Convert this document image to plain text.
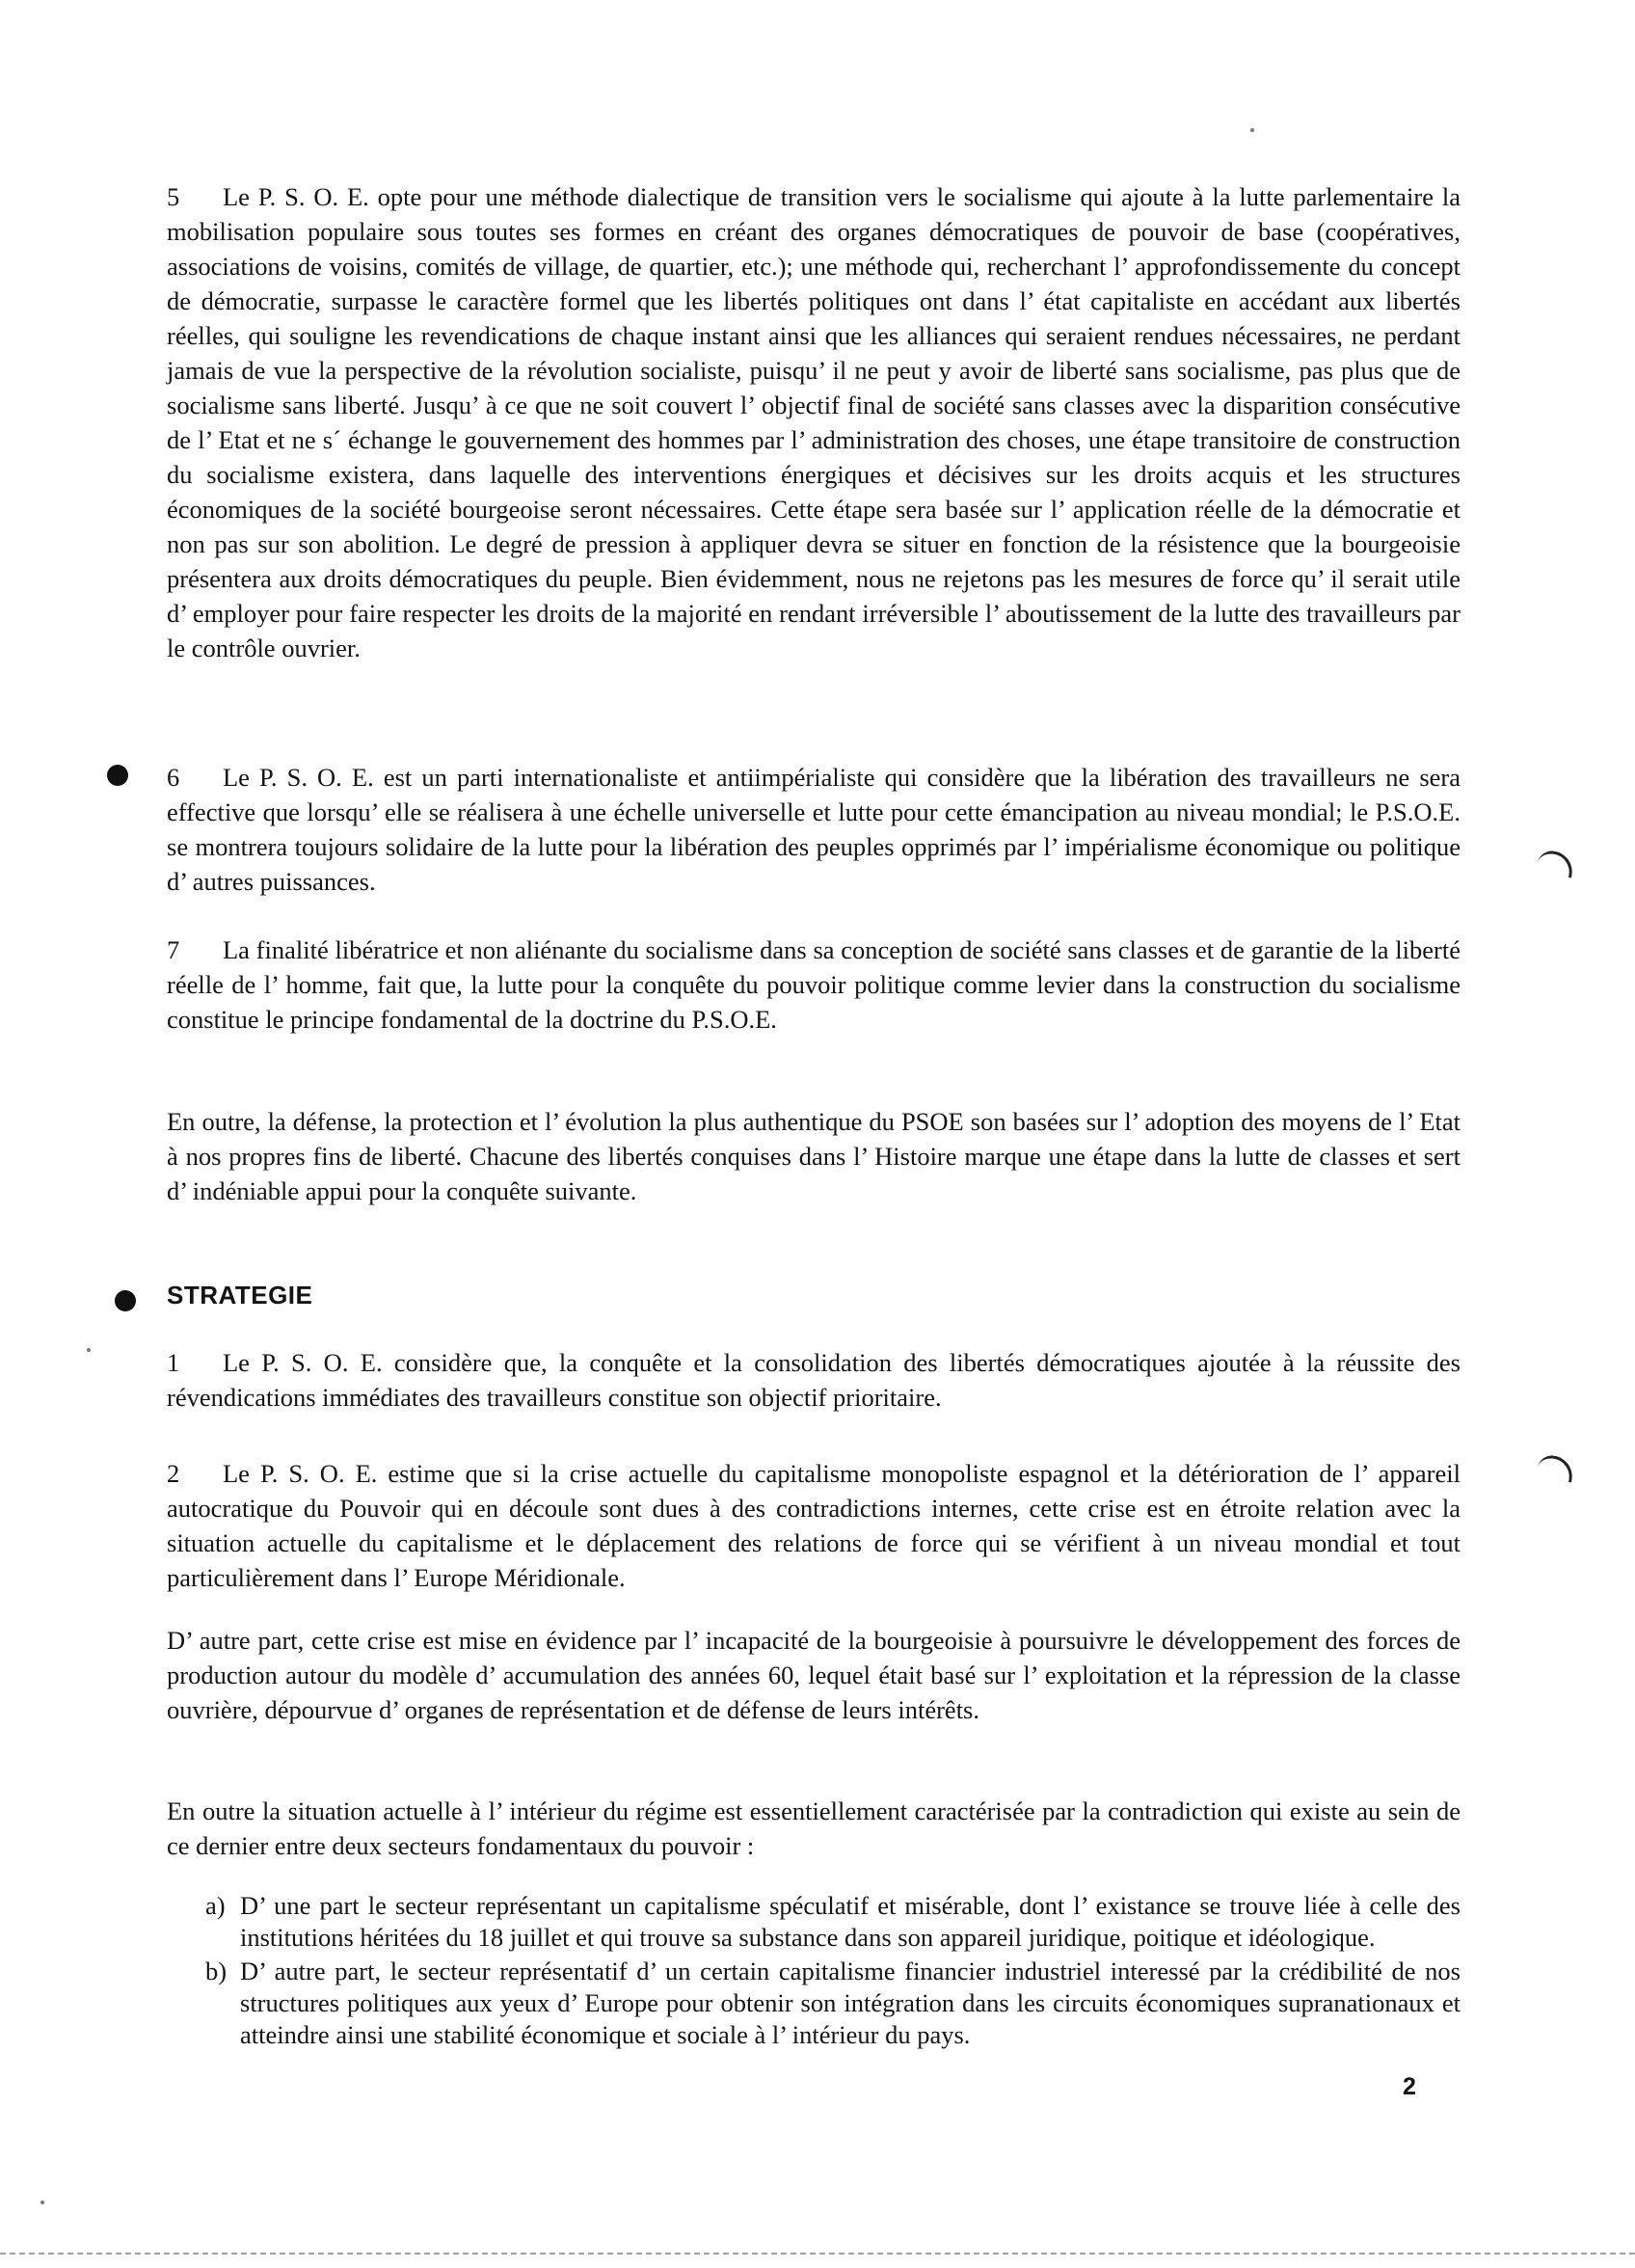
5 Le P. S. O. E. opte pour une méthode dialectique de transition vers le socialisme qui ajoute à la lutte parlementaire la mobilisation populaire sous toutes ses formes en créant des organes démocratiques de pouvoir de base (coopératives, associations de voisins, comités de village, de quartier, etc.); une méthode qui, recherchant l’ approfondissemente du concept de démocratie, surpasse le caractère formel que les libertés politiques ont dans l’ état capitaliste en accédant aux libertés réelles, qui souligne les revendications de chaque instant ainsi que les alliances qui seraient rendues nécessaires, ne perdant jamais de vue la perspective de la révolution socialiste, puisqu’ il ne peut y avoir de liberté sans socialisme, pas plus que de socialisme sans liberté. Jusqu’ à ce que ne soit couvert l’ objectif final de société sans classes avec la disparition consécutive de l’ Etat et ne s´ échange le gouvernement des hommes par l’ administration des choses, une étape transitoire de construction du socialisme existera, dans laquelle des interventions énergiques et décisives sur les droits acquis et les structures économiques de la société bourgeoise seront nécessaires. Cette étape sera basée sur l’ application réelle de la démocratie et non pas sur son abolition. Le degré de pression à appliquer devra se situer en fonction de la résistence que la bourgeoisie présentera aux droits démocratiques du peuple. Bien évidemment, nous ne rejetons pas les mesures de force qu’ il serait utile d’ employer pour faire respecter les droits de la majorité en rendant irréversible l’ aboutissement de la lutte des travailleurs par le contrôle ouvrier.

6 Le P. S. O. E. est un parti internationaliste et antiimpérialiste qui considère que la libération des travailleurs ne sera effective que lorsqu’ elle se réalisera à une échelle universelle et lutte pour cette émancipation au niveau mondial; le P.S.O.E. se montrera toujours solidaire de la lutte pour la libération des peuples opprimés par l’ impérialisme économique ou politique d’ autres puissances.

7 La finalité libératrice et non aliénante du socialisme dans sa conception de société sans classes et de garantie de la liberté réelle de l’ homme, fait que, la lutte pour la conquête du pouvoir politique comme levier dans la construction du socialisme constitue le principe fondamental de la doctrine du P.S.O.E.

En outre, la défense, la protection et l’ évolution la plus authentique du PSOE son basées sur l’ adoption des moyens de l’ Etat à nos propres fins de liberté. Chacune des libertés conquises dans l’ Histoire marque une étape dans la lutte de classes et sert d’ indéniable appui pour la conquête suivante.

STRATEGIE

1 Le P. S. O. E. considère que, la conquête et la consolidation des libertés démocratiques ajoutée à la réussite des révendications immédiates des travailleurs constitue son objectif prioritaire.

2 Le P. S. O. E. estime que si la crise actuelle du capitalisme monopoliste espagnol et la détérioration de l’ appareil autocratique du Pouvoir qui en découle sont dues à des contradictions internes, cette crise est en étroite relation avec la situation actuelle du capitalisme et le déplacement des relations de force qui se vérifient à un niveau mondial et tout particulièrement dans l’ Europe Méridionale.

D’ autre part, cette crise est mise en évidence par l’ incapacité de la bourgeoisie à poursuivre le développement des forces de production autour du modèle d’ accumulation des années 60, lequel était basé sur l’ exploitation et la répression de la classe ouvrière, dépourvue d’ organes de représentation et de défense de leurs intérêts.

En outre la situation actuelle à l’ intérieur du régime est essentiellement caractérisée par la contradiction qui existe au sein de ce dernier entre deux secteurs fondamentaux du pouvoir :

a) D’ une part le secteur représentant un capitalisme spéculatif et misérable, dont l’ existance se trouve liée à celle des institutions héritées du 18 juillet et qui trouve sa substance dans son appareil juridique, poitique et idéologique.
b) D’ autre part, le secteur représentatif d’ un certain capitalisme financier industriel interessé par la crédibilité de nos structures politiques aux yeux d’ Europe pour obtenir son intégration dans les circuits économiques supranationaux et atteindre ainsi une stabilité économique et sociale à l’ intérieur du pays.
2
